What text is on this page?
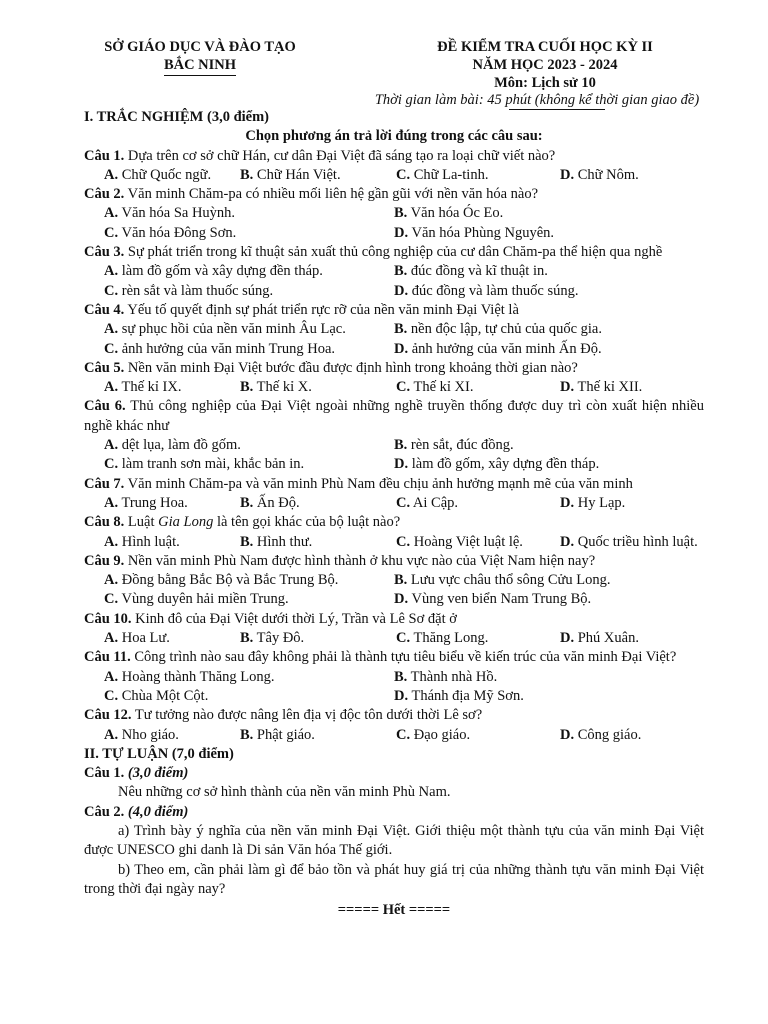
SỞ GIÁO DỤC VÀ ĐÀO TẠO
BẮC NINH
ĐỀ KIỂM TRA CUỐI HỌC KỲ II
NĂM HỌC 2023 - 2024
Môn: Lịch sử 10
Thời gian làm bài: 45 phút (không kể thời gian giao đề)
I. TRẮC NGHIỆM (3,0 điểm)
Chọn phương án trả lời đúng trong các câu sau:
Câu 1. Dựa trên cơ sở chữ Hán, cư dân Đại Việt đã sáng tạo ra loại chữ viết nào?
A. Chữ Quốc ngữ.	B. Chữ Hán Việt.	C. Chữ La-tinh.	D. Chữ Nôm.
Câu 2. Văn minh Chăm-pa có nhiều mối liên hệ gần gũi với nền văn hóa nào?
A. Văn hóa Sa Huỳnh.	B. Văn hóa Óc Eo.
C. Văn hóa Đông Sơn.	D. Văn hóa Phùng Nguyên.
Câu 3. Sự phát triển trong kĩ thuật sản xuất thủ công nghiệp của cư dân Chăm-pa thể hiện qua nghề
A. làm đồ gốm và xây dựng đền tháp.	B. đúc đồng và kĩ thuật in.
C. rèn sắt và làm thuốc súng.	D. đúc đồng và làm thuốc súng.
Câu 4. Yếu tố quyết định sự phát triển rực rỡ của nền văn minh Đại Việt là
A. sự phục hồi của nền văn minh Âu Lạc.	B. nền độc lập, tự chủ của quốc gia.
C. ảnh hưởng của văn minh Trung Hoa.	D. ảnh hưởng của văn minh Ấn Độ.
Câu 5. Nền văn minh Đại Việt bước đầu được định hình trong khoảng thời gian nào?
A. Thế kỉ IX.	B. Thế kỉ X.	C. Thế kỉ XI.	D. Thế kỉ XII.
Câu 6. Thủ công nghiệp của Đại Việt ngoài những nghề truyền thống được duy trì còn xuất hiện nhiều nghề khác như
A. dệt lụa, làm đồ gốm.	B. rèn sắt, đúc đồng.
C. làm tranh sơn mài, khắc bản in.	D. làm đồ gốm, xây dựng đền tháp.
Câu 7. Văn minh Chăm-pa và văn minh Phù Nam đều chịu ảnh hưởng mạnh mẽ của văn minh
A. Trung Hoa.	B. Ấn Độ.	C. Ai Cập.	D. Hy Lạp.
Câu 8. Luật Gia Long là tên gọi khác của bộ luật nào?
A. Hình luật.	B. Hình thư.	C. Hoàng Việt luật lệ.	D. Quốc triều hình luật.
Câu 9. Nền văn minh Phù Nam được hình thành ở khu vực nào của Việt Nam hiện nay?
A. Đồng bằng Bắc Bộ và Bắc Trung Bộ.	B. Lưu vực châu thổ sông Cửu Long.
C. Vùng duyên hải miền Trung.	D. Vùng ven biển Nam Trung Bộ.
Câu 10. Kinh đô của Đại Việt dưới thời Lý, Trần và Lê Sơ đặt ở
A. Hoa Lư.	B. Tây Đô.	C. Thăng Long.	D. Phú Xuân.
Câu 11. Công trình nào sau đây không phải là thành tựu tiêu biểu về kiến trúc của văn minh Đại Việt?
A. Hoàng thành Thăng Long.	B. Thành nhà Hồ.
C. Chùa Một Cột.	D. Thánh địa Mỹ Sơn.
Câu 12. Tư tưởng nào được nâng lên địa vị độc tôn dưới thời Lê sơ?
A. Nho giáo.	B. Phật giáo.	C. Đạo giáo.	D. Công giáo.
II. TỰ LUẬN (7,0 điểm)
Câu 1. (3,0 điểm)
Nêu những cơ sở hình thành của nền văn minh Phù Nam.
Câu 2. (4,0 điểm)
a) Trình bày ý nghĩa của nền văn minh Đại Việt. Giới thiệu một thành tựu của văn minh Đại Việt được UNESCO ghi danh là Di sản Văn hóa Thế giới.
b) Theo em, cần phải làm gì để bảo tồn và phát huy giá trị của những thành tựu văn minh Đại Việt trong thời đại ngày nay?
===== Hết =====
